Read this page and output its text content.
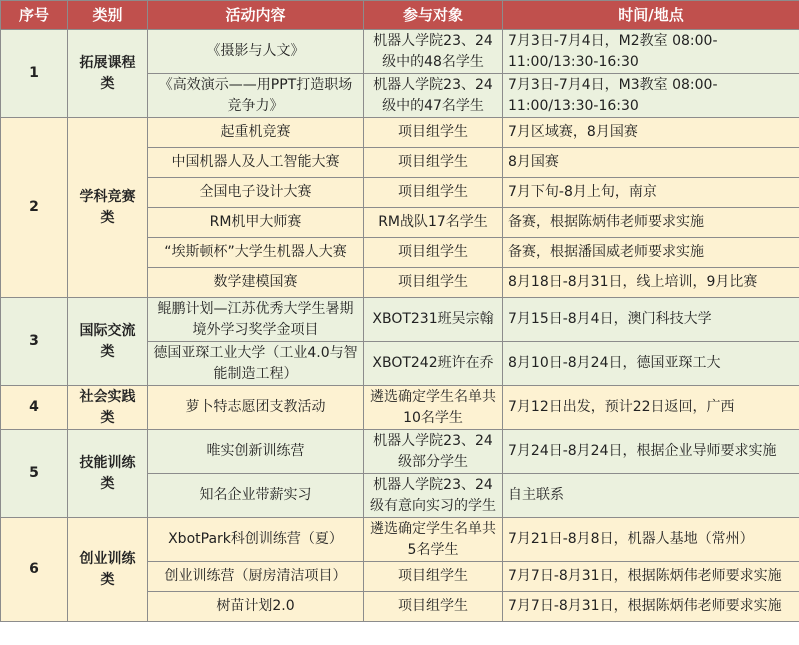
序号	类别	活动内容	参与对象	时间/地点
1	拓展课程类	《摄影与人文》	机器人学院23、24级中的48名学生	7月3日-7月4日，M2教室 08:00-11:00/13:30-16:30
		《高效演示——用PPT打造职场竞争力》	机器人学院23、24级中的47名学生	7月3日-7月4日，M3教室 08:00-11:00/13:30-16:30
2	学科竞赛类	起重机竞赛	项目组学生	7月区域赛，8月国赛
		中国机器人及人工智能大赛	项目组学生	8月国赛
		全国电子设计大赛	项目组学生	7月下旬-8月上旬，南京
		RM机甲大师赛	RM战队17名学生	备赛，根据陈炳伟老师要求实施
		“埃斯顿杯”大学生机器人大赛	项目组学生	备赛，根据潘国威老师要求实施
		数学建模国赛	项目组学生	8月18日-8月31日，线上培训，9月比赛
3	国际交流类	鲲鹏计划—江苏优秀大学生暑期境外学习奖学金项目	XBOT231班吴宗翰	7月15日-8月4日，澳门科技大学
		德国亚琛工业大学（工业4.0与智能制造工程）	XBOT242班许在乔	8月10日-8月24日，德国亚琛工大
4	社会实践类	萝卜特志愿团支教活动	遴选确定学生名单共10名学生	7月12日出发，预计22日返回，广西
5	技能训练类	唯实创新训练营	机器人学院23、24级部分学生	7月24日-8月24日，根据企业导师要求实施
		知名企业带薪实习	机器人学院23、24级有意向实习的学生	自主联系
6	创业训练类	XbotPark科创训练营（夏）	遴选确定学生名单共5名学生	7月21日-8月8日，机器人基地（常州）
		创业训练营（厨房清洁项目）	项目组学生	7月7日-8月31日，根据陈炳伟老师要求实施
		树苗计划2.0	项目组学生	7月7日-8月31日，根据陈炳伟老师要求实施
